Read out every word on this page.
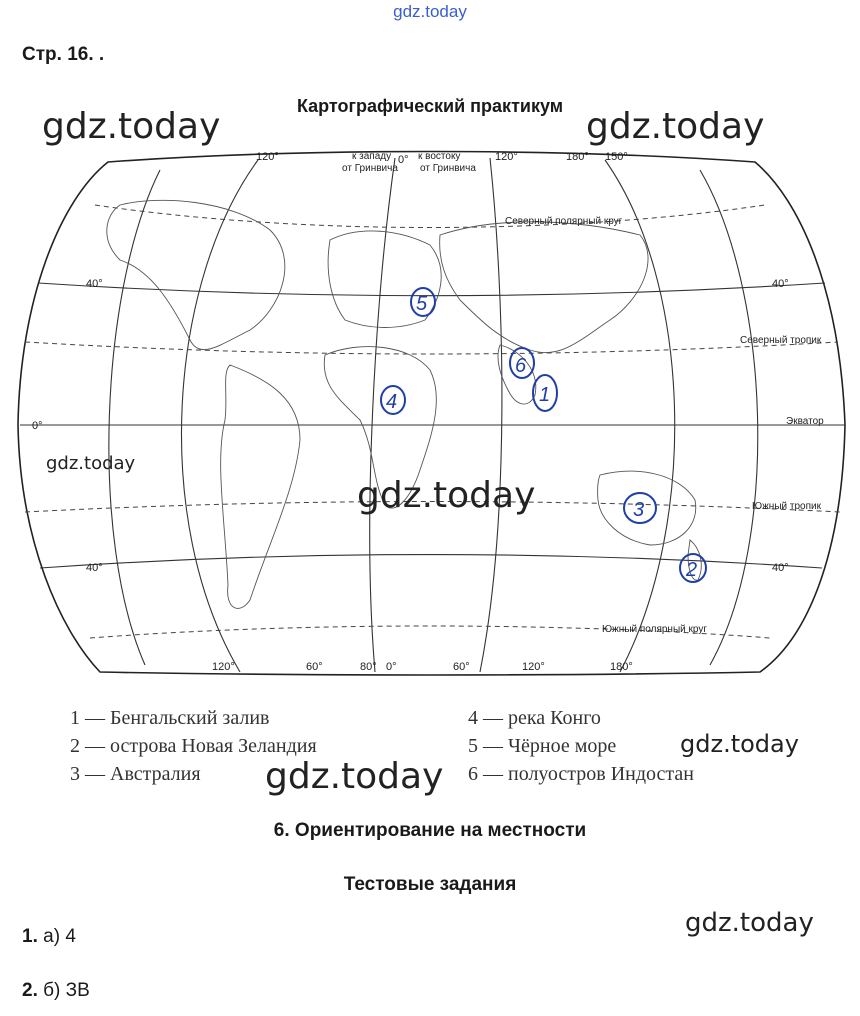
gdz.today
Стр. 16. .
Картографический практикум
120°	к западу
от Гринвича
0° к востоку
от Гринвича
120°	180° 150°
120°	60°	80° 0°	60°	120°	180°
40°	40°
0°
40°	40°
Северный полярный круг
Северный тропик
Экватор
Южный тропик
Южный полярный круг
5
6
1
4
3
2
gdz.today	gdz.today
gdz.today
gdz.today
1 — Бенгальский залив
2 — острова Новая Зеландия
3 — Австралия
4 — река Конго
5 — Чёрное море
6 — полуостров Индостан
gdz.today
gdz.today
6. Ориентирование на местности
Тестовые задания
gdz.today
1. а) 4
2. б) ЗВ
